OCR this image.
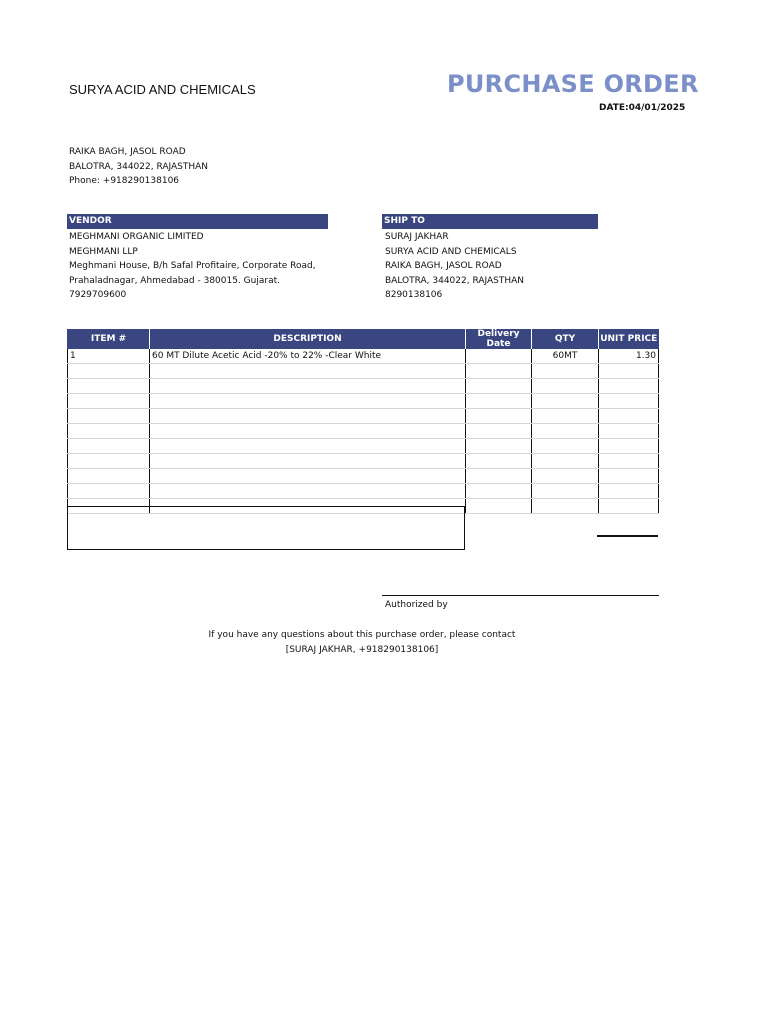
SURYA ACID AND CHEMICALS	PURCHASE ORDER
DATE:04/01/2025
RAIKA BAGH, JASOL ROAD
BALOTRA, 344022, RAJASTHAN
Phone: +918290138106
VENDOR
MEGHMANI ORGANIC LIMITED
MEGHMANI LLP
Meghmani House, B/h Safal Profitaire, Corporate Road,
Prahaladnagar, Ahmedabad - 380015. Gujarat.
7929709600
SHIP TO
SURAJ JAKHAR
SURYA ACID AND CHEMICALS
RAIKA BAGH, JASOL ROAD
BALOTRA, 344022, RAJASTHAN
8290138106
ITEM #	DESCRIPTION	Delivery Date	QTY	UNIT PRICE
1	60 MT Dilute Acetic Acid -20% to 22% -Clear White		60MT	1.30

Authorized by
If you have any questions about this purchase order, please contact
[SURAJ JAKHAR, +918290138106]
